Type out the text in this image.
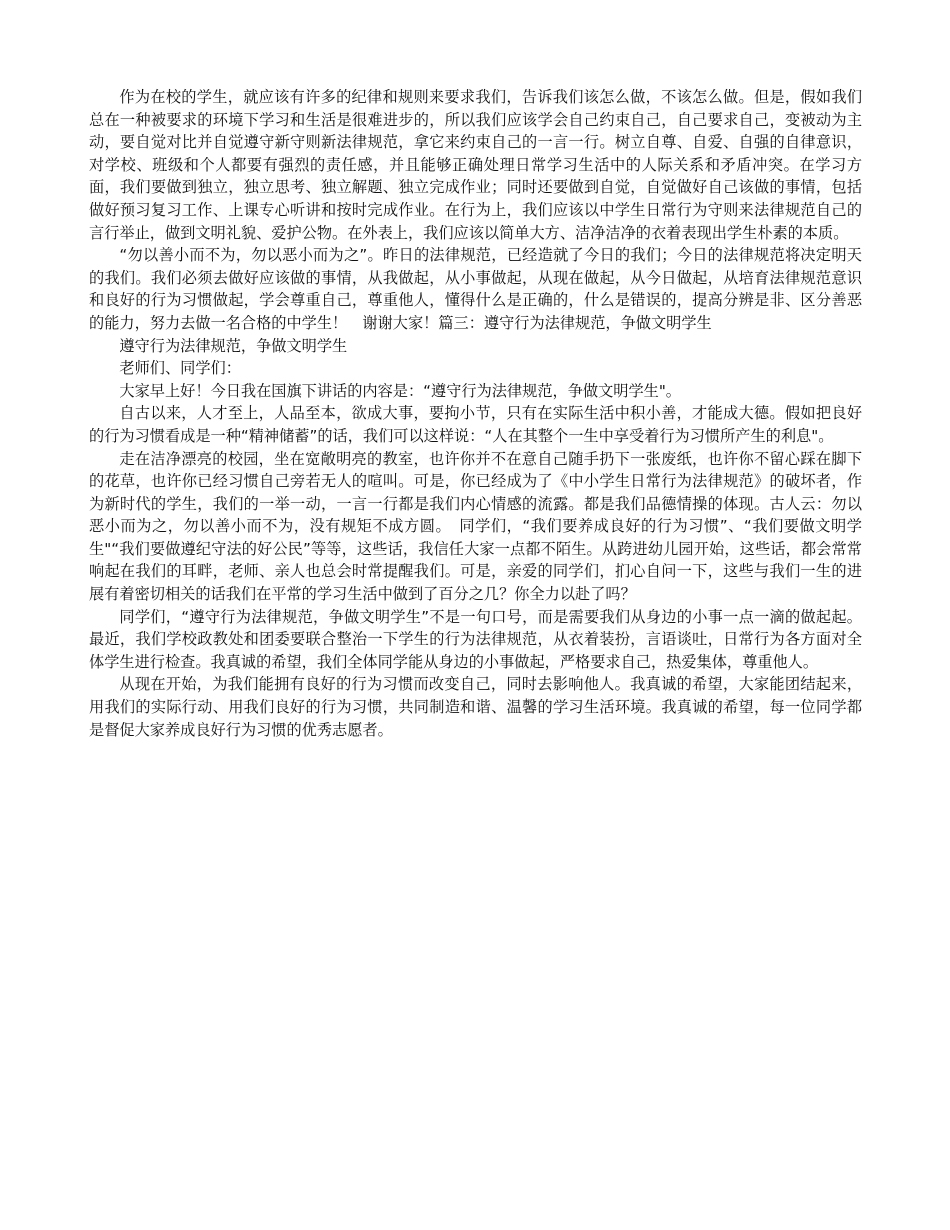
作为在校的学生，就应该有许多的纪律和规则来要求我们，告诉我们该怎么做，不该怎么做。但是，假如我们总在一种被要求的环境下学习和生活是很难进步的，所以我们应该学会自己约束自己，自己要求自己，变被动为主动，要自觉对比并自觉遵守新守则新法律规范，拿它来约束自己的一言一行。树立自尊、自爱、自强的自律意识，对学校、班级和个人都要有强烈的责任感，并且能够正确处理日常学习生活中的人际关系和矛盾冲突。在学习方面，我们要做到独立，独立思考、独立解题、独立完成作业；同时还要做到自觉，自觉做好自己该做的事情，包括做好预习复习工作、上课专心听讲和按时完成作业。在行为上，我们应该以中学生日常行为守则来法律规范自己的言行举止，做到文明礼貌、爱护公物。在外表上，我们应该以简单大方、洁净洁净的衣着表现出学生朴素的本质。

“勿以善小而不为，勿以恶小而为之”。昨日的法律规范，已经造就了今日的我们；今日的法律规范将决定明天的我们。我们必须去做好应该做的事情，从我做起，从小事做起，从现在做起，从今日做起，从培育法律规范意识和良好的行为习惯做起，学会尊重自己，尊重他人，懂得什么是正确的，什么是错误的，提高分辨是非、区分善恶的能力，努力去做一名合格的中学生！　谢谢大家！篇三：遵守行为法律规范，争做文明学生

遵守行为法律规范，争做文明学生

老师们、同学们：

大家早上好！今日我在国旗下讲话的内容是：“遵守行为法律规范，争做文明学生"。

自古以来，人才至上，人品至本，欲成大事，要拘小节，只有在实际生活中积小善，才能成大德。假如把良好的行为习惯看成是一种“精神储蓄”的话，我们可以这样说：“人在其整个一生中享受着行为习惯所产生的利息"。

走在洁净漂亮的校园，坐在宽敞明亮的教室，也许你并不在意自己随手扔下一张废纸，也许你不留心踩在脚下的花草，也许你已经习惯自己旁若无人的喧叫。可是，你已经成为了《中小学生日常行为法律规范》的破坏者，作为新时代的学生，我们的一举一动，一言一行都是我们内心情感的流露。都是我们品德情操的体现。古人云：勿以恶小而为之，勿以善小而不为，没有规矩不成方圆。　同学们，“我们要养成良好的行为习惯”、“我们要做文明学生"“我们要做遵纪守法的好公民”等等，这些话，我信任大家一点都不陌生。从跨进幼儿园开始，这些话，都会常常响起在我们的耳畔，老师、亲人也总会时常提醒我们。可是，亲爱的同学们，扪心自问一下，这些与我们一生的进展有着密切相关的话我们在平常的学习生活中做到了百分之几？你全力以赴了吗？

同学们，“遵守行为法律规范，争做文明学生”不是一句口号，而是需要我们从身边的小事一点一滴的做起起。最近，我们学校政教处和团委要联合整治一下学生的行为法律规范，从衣着装扮，言语谈吐，日常行为各方面对全体学生进行检查。我真诚的希望，我们全体同学能从身边的小事做起，严格要求自己，热爱集体，尊重他人。

从现在开始，为我们能拥有良好的行为习惯而改变自己，同时去影响他人。我真诚的希望，大家能团结起来，用我们的实际行动、用我们良好的行为习惯，共同制造和谐、温馨的学习生活环境。我真诚的希望，每一位同学都是督促大家养成良好行为习惯的优秀志愿者。
